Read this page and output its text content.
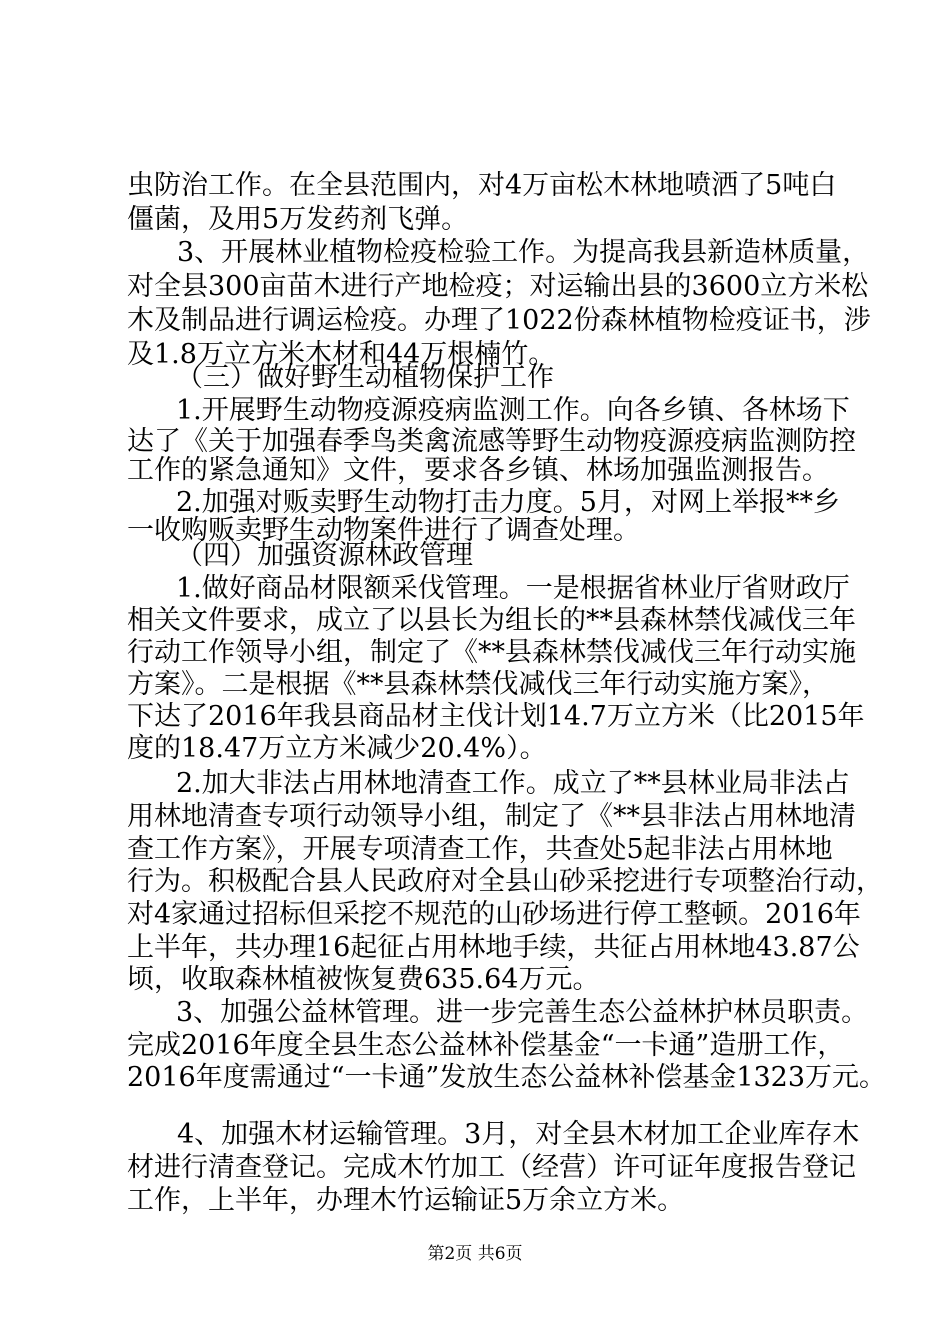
虫防治工作。在全县范围内，对4万亩松木林地喷洒了5吨白
僵菌，及用5万发药剂飞弹。
3、开展林业植物检疫检验工作。为提高我县新造林质量，
对全县300亩苗木进行产地检疫；对运输出县的3600立方米松
木及制品进行调运检疫。办理了1022份森林植物检疫证书，涉
及1.8万立方米木材和44万根楠竹。
（三）做好野生动植物保护工作
1.开展野生动物疫源疫病监测工作。向各乡镇、各林场下
达了《关于加强春季鸟类禽流感等野生动物疫源疫病监测防控
工作的紧急通知》文件，要求各乡镇、林场加强监测报告。
2.加强对贩卖野生动物打击力度。5月，对网上举报**乡
一收购贩卖野生动物案件进行了调查处理。
（四）加强资源林政管理
1.做好商品材限额采伐管理。一是根据省林业厅省财政厅
相关文件要求，成立了以县长为组长的**县森林禁伐减伐三年
行动工作领导小组，制定了《**县森林禁伐减伐三年行动实施
方案》。二是根据《**县森林禁伐减伐三年行动实施方案》，
下达了2016年我县商品材主伐计划14.7万立方米（比2015年
度的18.47万立方米减少20.4%）。
2.加大非法占用林地清查工作。成立了**县林业局非法占
用林地清查专项行动领导小组，制定了《**县非法占用林地清
查工作方案》，开展专项清查工作，共查处5起非法占用林地
行为。积极配合县人民政府对全县山砂采挖进行专项整治行动，
对4家通过招标但采挖不规范的山砂场进行停工整顿。2016年
上半年，共办理16起征占用林地手续，共征占用林地43.87公
顷，收取森林植被恢复费635.64万元。
3、加强公益林管理。进一步完善生态公益林护林员职责。
完成2016年度全县生态公益林补偿基金“一卡通”造册工作，
2016年度需通过“一卡通”发放生态公益林补偿基金1323万元。
4、加强木材运输管理。3月，对全县木材加工企业库存木
材进行清查登记。完成木竹加工（经营）许可证年度报告登记
工作，上半年，办理木竹运输证5万余立方米。
第2页 共6页
